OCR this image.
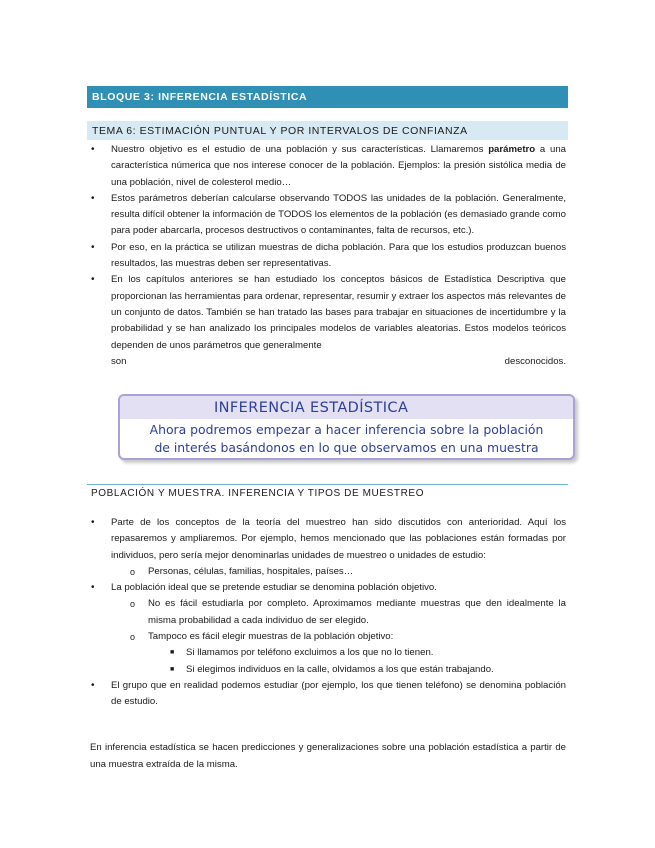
BLOQUE 3: INFERENCIA ESTADÍSTICA
TEMA 6: ESTIMACIÓN PUNTUAL Y POR INTERVALOS DE CONFIANZA
• Nuestro objetivo es el estudio de una población y sus características. Llamaremos parámetro a una característica númerica que nos interese conocer de la población. Ejemplos: la presión sistólica media de una población, nivel de colesterol medio…
• Estos parámetros deberían calcularse observando TODOS las unidades de la población. Generalmente, resulta difícil obtener la información de TODOS los elementos de la población (es demasiado grande como para poder abarcarla, procesos destructivos o contaminantes, falta de recursos, etc.).
• Por eso, en la práctica se utilizan muestras de dicha población. Para que los estudios produzcan buenos resultados, las muestras deben ser representativas.
• En los capítulos anteriores se han estudiado los conceptos básicos de Estadística Descriptiva que proporcionan las herramientas para ordenar, representar, resumir y extraer los aspectos más relevantes de un conjunto de datos. También se han tratado las bases para trabajar en situaciones de incertidumbre y la probabilidad y se han analizado los principales modelos de variables aleatorias. Estos modelos teóricos dependen de unos parámetros que generalmente
son desconocidos.
INFERENCIA ESTADÍSTICA
Ahora podremos empezar a hacer inferencia sobre la población
de interés basándonos en lo que observamos en una muestra
POBLACIÓN Y MUESTRA. INFERENCIA Y TIPOS DE MUESTREO
• Parte de los conceptos de la teoría del muestreo han sido discutidos con anterioridad. Aquí los repasaremos y ampliaremos. Por ejemplo, hemos mencionado que las poblaciones están formadas por individuos, pero sería mejor denominarlas unidades de muestreo o unidades de estudio:
o Personas, células, familias, hospitales, países…
• La población ideal que se pretende estudiar se denomina población objetivo.
o No es fácil estudiarla por completo. Aproximamos mediante muestras que den idealmente la misma probabilidad a cada individuo de ser elegido.
o Tampoco es fácil elegir muestras de la población objetivo:
■ Si llamamos por teléfono excluimos a los que no lo tienen.
■ Si elegimos individuos en la calle, olvidamos a los que están trabajando.
• El grupo que en realidad podemos estudiar (por ejemplo, los que tienen teléfono) se denomina población de estudio.
En inferencia estadística se hacen predicciones y generalizaciones sobre una población estadística a partir de una muestra extraída de la misma.
